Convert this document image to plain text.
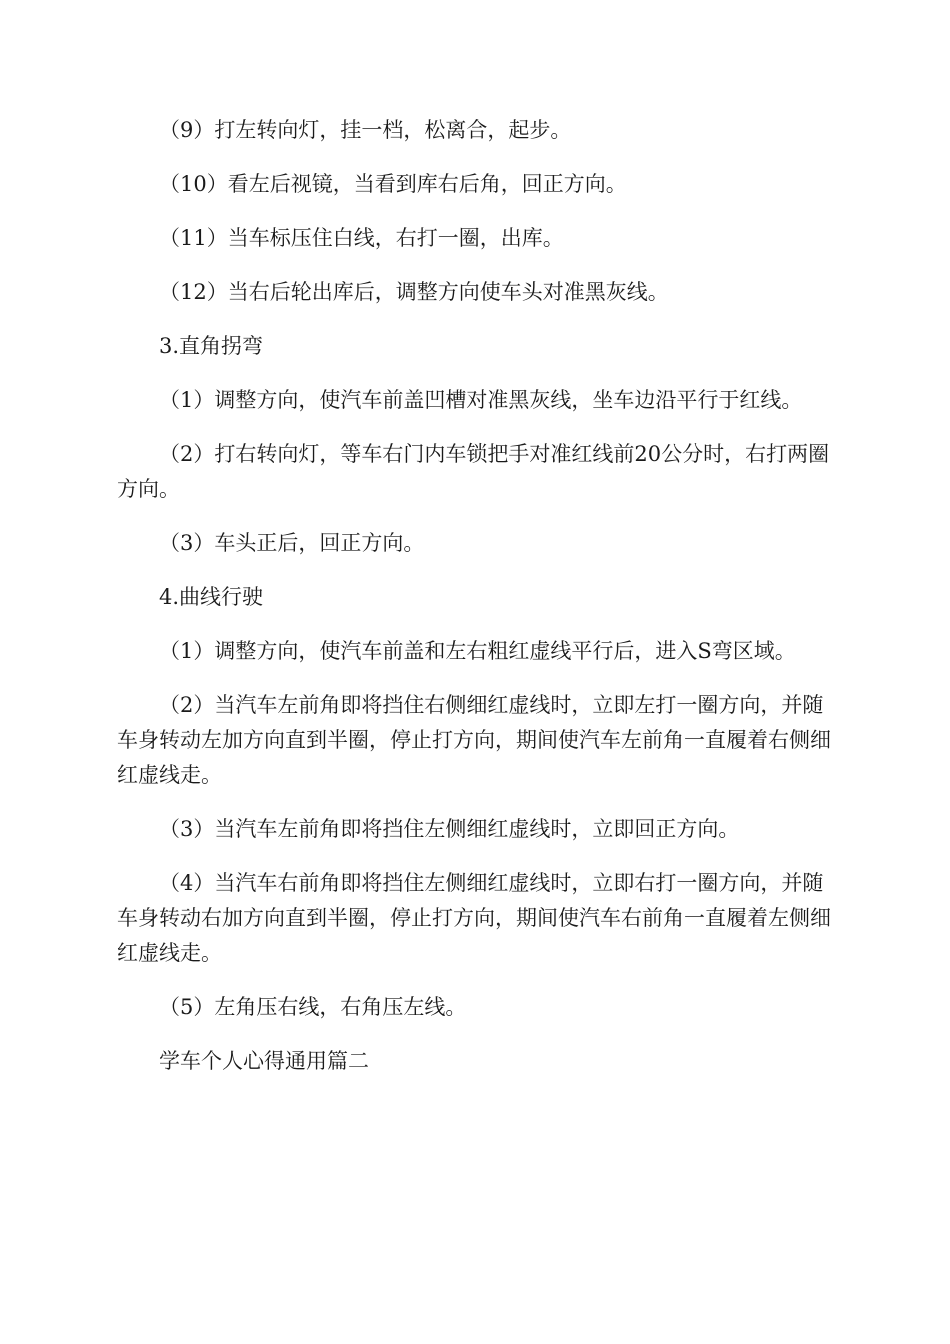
（9）打左转向灯，挂一档，松离合，起步。

（10）看左后视镜，当看到库右后角，回正方向。

（11）当车标压住白线，右打一圈，出库。

（12）当右后轮出库后，调整方向使车头对准黑灰线。

3.直角拐弯

（1）调整方向，使汽车前盖凹槽对准黑灰线，坐车边沿平行于红线。

（2）打右转向灯，等车右门内车锁把手对准红线前20公分时，右打两圈方向。

（3）车头正后，回正方向。

4.曲线行驶

（1）调整方向，使汽车前盖和左右粗红虚线平行后，进入S弯区域。

（2）当汽车左前角即将挡住右侧细红虚线时，立即左打一圈方向，并随车身转动左加方向直到半圈，停止打方向，期间使汽车左前角一直履着右侧细红虚线走。

（3）当汽车左前角即将挡住左侧细红虚线时，立即回正方向。

（4）当汽车右前角即将挡住左侧细红虚线时，立即右打一圈方向，并随车身转动右加方向直到半圈，停止打方向，期间使汽车右前角一直履着左侧细红虚线走。

（5）左角压右线，右角压左线。

学车个人心得通用篇二
